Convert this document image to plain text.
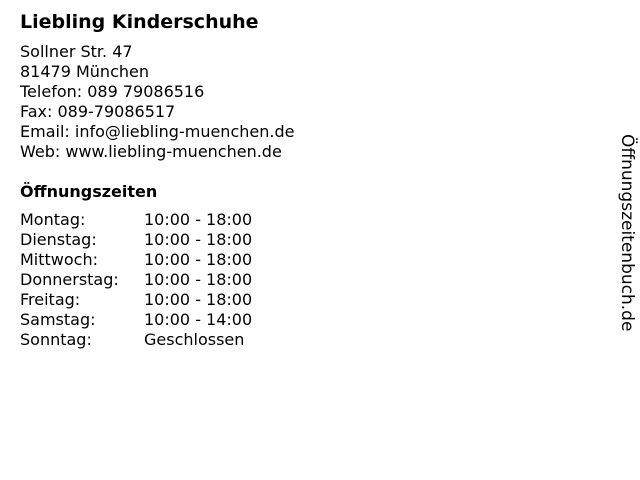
Liebling Kinderschuhe
Sollner Str. 47
81479 München
Telefon: 089 79086516
Fax: 089-79086517
Email: info@liebling-muenchen.de
Web: www.liebling-muenchen.de
Öffnungszeiten
Montag:	10:00 - 18:00
Dienstag:	10:00 - 18:00
Mittwoch:	10:00 - 18:00
Donnerstag:	10:00 - 18:00
Freitag:	10:00 - 18:00
Samstag:	10:00 - 14:00
Sonntag:	Geschlossen
Öffnungszeitenbuch.de
